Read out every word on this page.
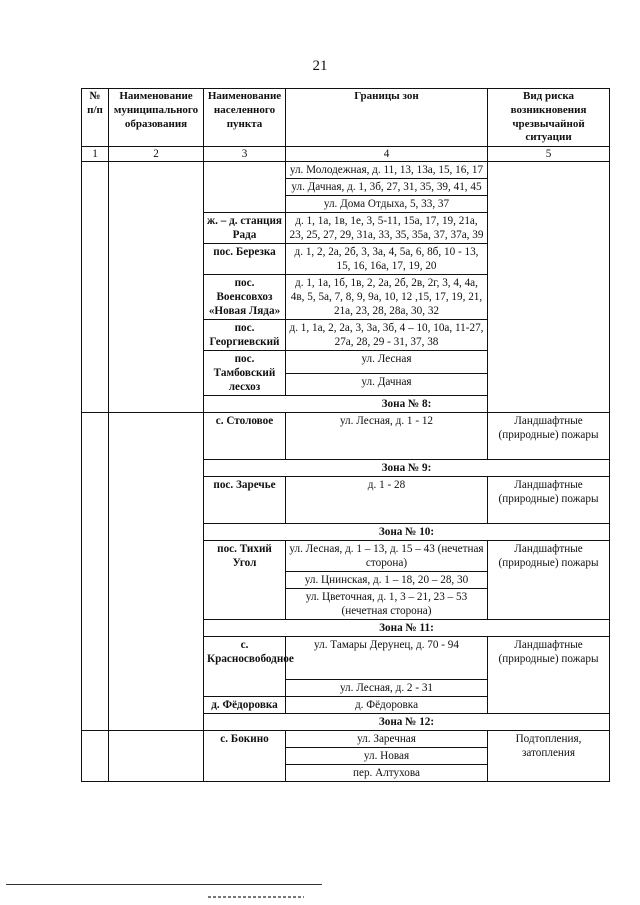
21
№ п/п	Наименование муниципального образования	Наименование населенного пункта	Границы зон	Вид риска возникновения чрезвычайной ситуации
1	2	3	4	5
			ул. Молодежная, д. 11, 13, 13а, 15, 16, 17	
			ул. Дачная, д. 1, 3б, 27, 31, 35, 39, 41, 45	
			ул. Дома Отдыха, 5, 33, 37	
		ж. – д. станция Рада	д. 1, 1а, 1в, 1е, 3, 5-11, 15а, 17, 19, 21а, 23, 25, 27, 29, 31а, 33, 35, 35а, 37, 37а, 39	
		пос. Березка	д. 1, 2, 2а, 2б, 3, 3а, 4, 5а, 6, 8б, 10 - 13, 15, 16, 16а, 17, 19, 20	
		пос. Военсовхоз «Новая Ляда»	д. 1, 1а, 1б, 1в, 2, 2а, 2б, 2в, 2г, 3, 4, 4а, 4в, 5, 5а, 7, 8, 9, 9а, 10, 12 ,15, 17, 19, 21, 21а, 23, 28, 28а, 30, 32	
		пос. Георгиевский	д. 1, 1а, 2, 2а, 3, 3а, 3б, 4 – 10, 10а, 11-27, 27а, 28, 29 - 31, 37, 38	
		пос. Тамбовский лесхоз	ул. Лесная	
			ул. Дачная	
		Зона № 8:		
		с. Столовое	ул. Лесная, д. 1 - 12	Ландшафтные (природные) пожары
		Зона № 9:		
		пос. Заречье	д. 1 - 28	Ландшафтные (природные) пожары
		Зона № 10:		
		пос. Тихий Угол	ул. Лесная, д. 1 – 13, д. 15 – 43 (нечетная сторона)	Ландшафтные (природные) пожары
			ул. Цнинская, д. 1 – 18, 20 – 28, 30	
			ул. Цветочная, д. 1, 3 – 21, 23 – 53 (нечетная сторона)	
		Зона № 11:		
		с. Красносвободное	ул. Тамары Дерунец, д. 70 - 94	Ландшафтные (природные) пожары
			ул. Лесная, д. 2 - 31	
		д. Фёдоровка	д. Фёдоровка	
		Зона № 12:		
		с. Бокино	ул. Заречная	Подтопления, затопления
			ул. Новая	
			пер. Алтухова	
